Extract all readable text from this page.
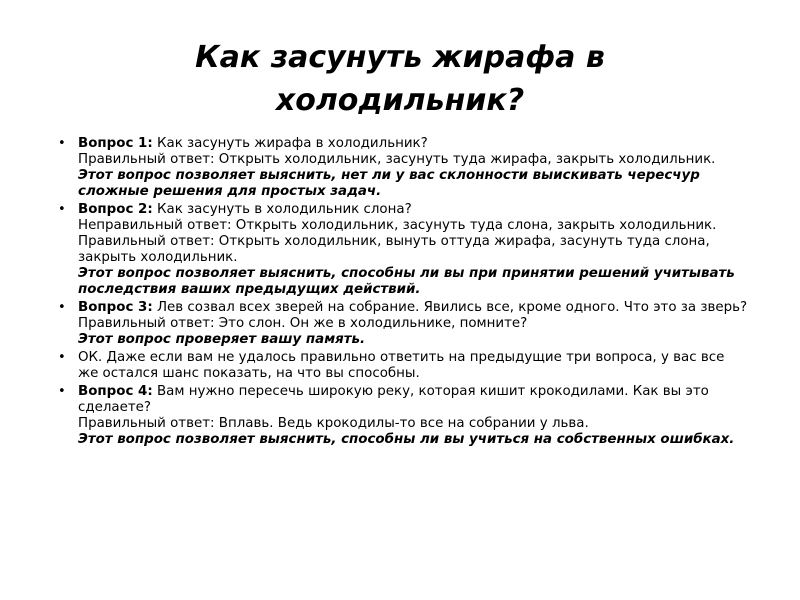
Как засунуть жирафа в
холодильник?
• Вопрос 1: Как засунуть жирафа в холодильник?
Правильный ответ: Открыть холодильник, засунуть туда жирафа, закрыть холодильник.
Этот вопрос позволяет выяснить, нет ли у вас склонности выискивать чересчур сложные решения для простых задач.
• Вопрос 2: Как засунуть в холодильник слона?
Неправильный ответ: Открыть холодильник, засунуть туда слона, закрыть холодильник.
Правильный ответ: Открыть холодильник, вынуть оттуда жирафа, засунуть туда слона, закрыть холодильник.
Этот вопрос позволяет выяснить, способны ли вы при принятии решений учитывать последствия ваших предыдущих действий.
• Вопрос 3: Лев созвал всех зверей на собрание. Явились все, кроме одного. Что это за зверь?
Правильный ответ: Это слон. Он же в холодильнике, помните?
Этот вопрос проверяет вашу память.
• ОК. Даже если вам не удалось правильно ответить на предыдущие три вопроса, у вас все же остался шанс показать, на что вы способны.
• Вопрос 4: Вам нужно пересечь широкую реку, которая кишит крокодилами. Как вы это сделаете?
Правильный ответ: Вплавь. Ведь крокодилы-то все на собрании у льва.
Этот вопрос позволяет выяснить, способны ли вы учиться на собственных ошибках.
